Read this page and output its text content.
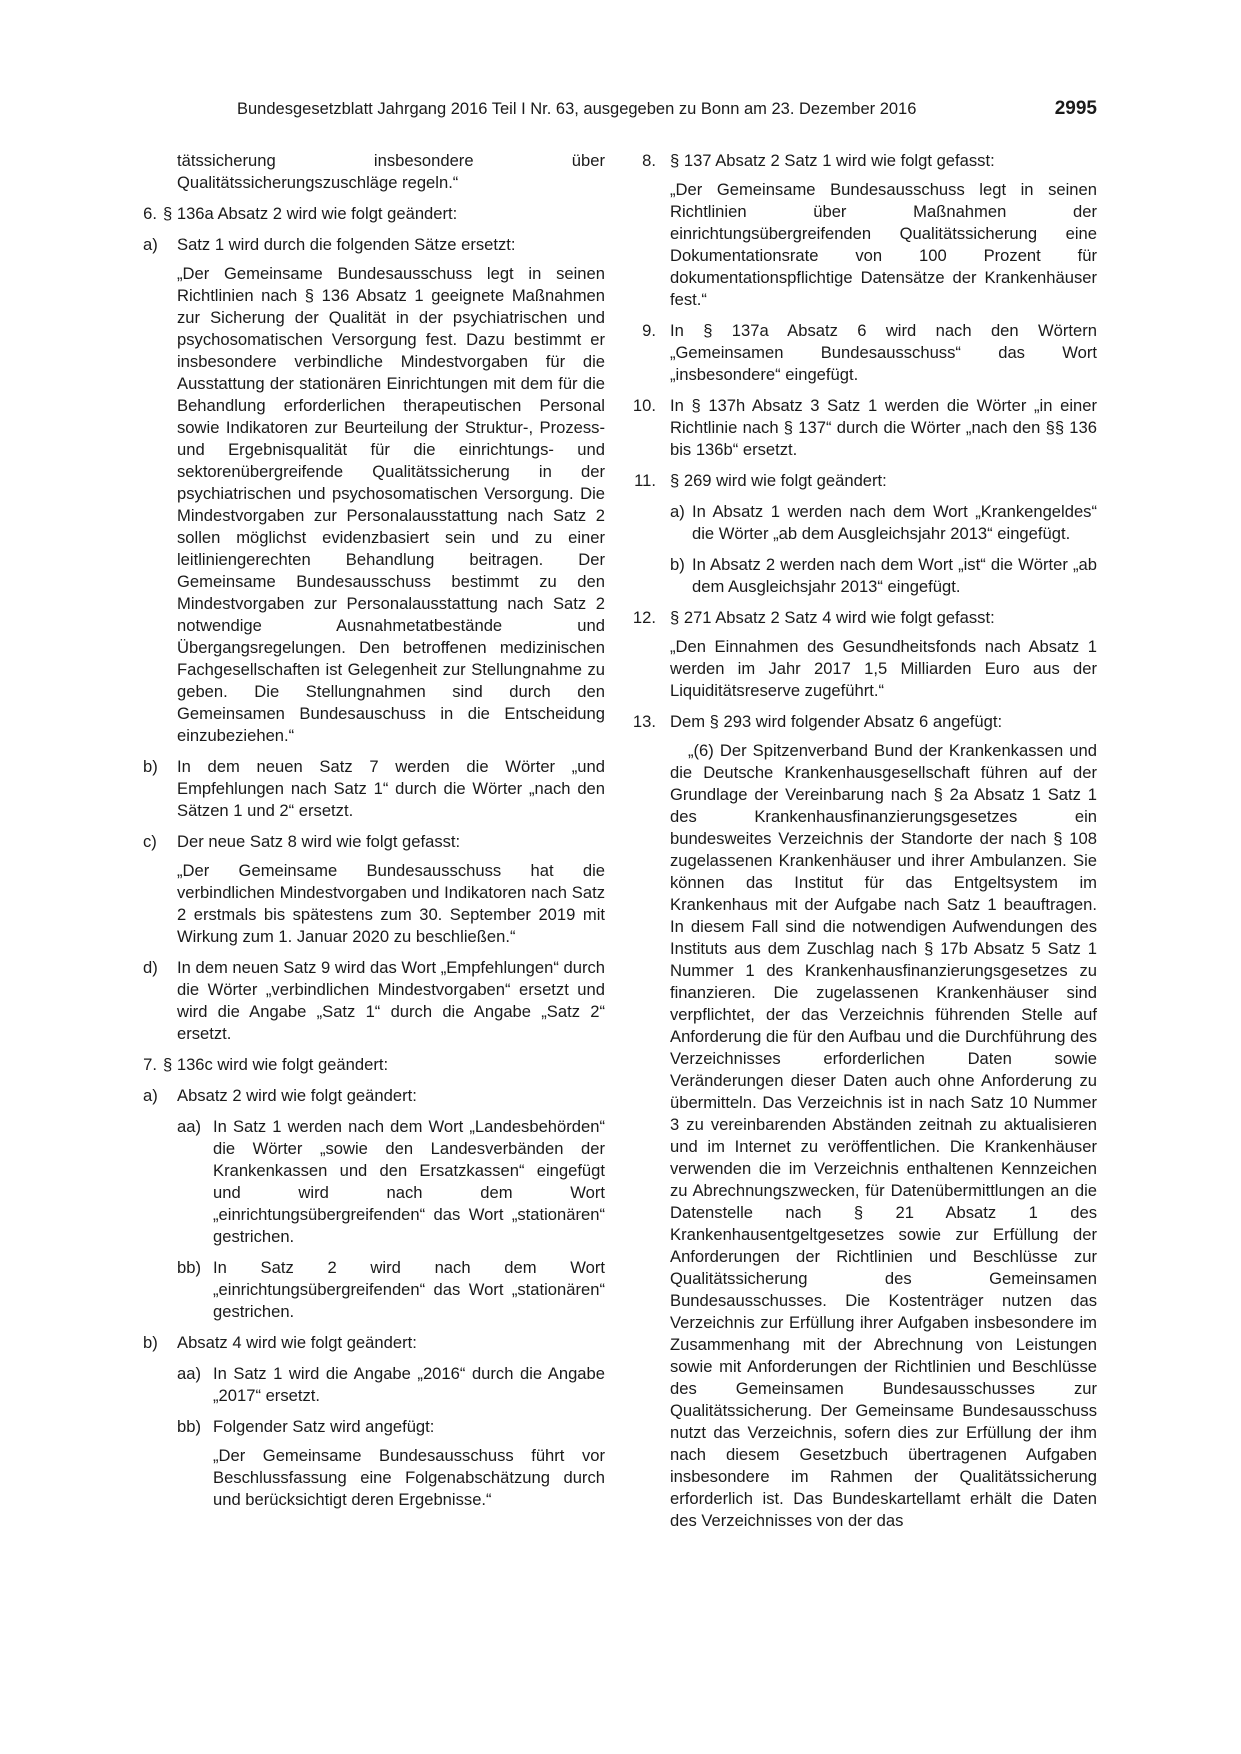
Bundesgesetzblatt Jahrgang 2016 Teil I Nr. 63, ausgegeben zu Bonn am 23. Dezember 2016	2995
tätssicherung insbesondere über Qualitätssicherungszuschläge regeln.“
6. § 136a Absatz 2 wird wie folgt geändert:
a)	Satz 1 wird durch die folgenden Sätze ersetzt:
„Der Gemeinsame Bundesausschuss legt in seinen Richtlinien nach § 136 Absatz 1 geeignete Maßnahmen zur Sicherung der Qualität in der psychiatrischen und psychosomatischen Versorgung fest. Dazu bestimmt er insbesondere verbindliche Mindestvorgaben für die Ausstattung der stationären Einrichtungen mit dem für die Behandlung erforderlichen therapeutischen Personal sowie Indikatoren zur Beurteilung der Struktur-, Prozess- und Ergebnisqualität für die einrichtungs- und sektorenübergreifende Qualitätssicherung in der psychiatrischen und psychosomatischen Versorgung. Die Mindestvorgaben zur Personalausstattung nach Satz 2 sollen möglichst evidenzbasiert sein und zu einer leitliniengerechten Behandlung beitragen. Der Gemeinsame Bundesausschuss bestimmt zu den Mindestvorgaben zur Personalausstattung nach Satz 2 notwendige Ausnahmetatbestände und Übergangsregelungen. Den betroffenen medizinischen Fachgesellschaften ist Gelegenheit zur Stellungnahme zu geben. Die Stellungnahmen sind durch den Gemeinsamen Bundesauschuss in die Entscheidung einzubeziehen.“
b)	In dem neuen Satz 7 werden die Wörter „und Empfehlungen nach Satz 1“ durch die Wörter „nach den Sätzen 1 und 2“ ersetzt.
c)	Der neue Satz 8 wird wie folgt gefasst:
„Der Gemeinsame Bundesausschuss hat die verbindlichen Mindestvorgaben und Indikatoren nach Satz 2 erstmals bis spätestens zum 30. September 2019 mit Wirkung zum 1. Januar 2020 zu beschließen.“
d)	In dem neuen Satz 9 wird das Wort „Empfehlungen“ durch die Wörter „verbindlichen Mindestvorgaben“ ersetzt und wird die Angabe „Satz 1“ durch die Angabe „Satz 2“ ersetzt.
7. § 136c wird wie folgt geändert:
a)	Absatz 2 wird wie folgt geändert:
aa) In Satz 1 werden nach dem Wort „Landesbehörden“ die Wörter „sowie den Landesverbänden der Krankenkassen und den Ersatzkassen“ eingefügt und wird nach dem Wort „einrichtungsübergreifenden“ das Wort „stationären“ gestrichen.
bb) In Satz 2 wird nach dem Wort „einrichtungsübergreifenden“ das Wort „stationären“ gestrichen.
b)	Absatz 4 wird wie folgt geändert:
aa) In Satz 1 wird die Angabe „2016“ durch die Angabe „2017“ ersetzt.
bb) Folgender Satz wird angefügt:
„Der Gemeinsame Bundesausschuss führt vor Beschlussfassung eine Folgenabschätzung durch und berücksichtigt deren Ergebnisse.“
8. § 137 Absatz 2 Satz 1 wird wie folgt gefasst:
„Der Gemeinsame Bundesausschuss legt in seinen Richtlinien über Maßnahmen der einrichtungsübergreifenden Qualitätssicherung eine Dokumentationsrate von 100 Prozent für dokumentationspflichtige Datensätze der Krankenhäuser fest.“
9. In § 137a Absatz 6 wird nach den Wörtern „Gemeinsamen Bundesausschuss“ das Wort „insbesondere“ eingefügt.
10. In § 137h Absatz 3 Satz 1 werden die Wörter „in einer Richtlinie nach § 137“ durch die Wörter „nach den §§ 136 bis 136b“ ersetzt.
11. § 269 wird wie folgt geändert:
a) In Absatz 1 werden nach dem Wort „Krankengeldes“ die Wörter „ab dem Ausgleichsjahr 2013“ eingefügt.
b) In Absatz 2 werden nach dem Wort „ist“ die Wörter „ab dem Ausgleichsjahr 2013“ eingefügt.
12. § 271 Absatz 2 Satz 4 wird wie folgt gefasst:
„Den Einnahmen des Gesundheitsfonds nach Absatz 1 werden im Jahr 2017 1,5 Milliarden Euro aus der Liquiditätsreserve zugeführt.“
13. Dem § 293 wird folgender Absatz 6 angefügt:
„(6) Der Spitzenverband Bund der Krankenkassen und die Deutsche Krankenhausgesellschaft führen auf der Grundlage der Vereinbarung nach § 2a Absatz 1 Satz 1 des Krankenhausfinanzierungsgesetzes ein bundesweites Verzeichnis der Standorte der nach § 108 zugelassenen Krankenhäuser und ihrer Ambulanzen. Sie können das Institut für das Entgeltsystem im Krankenhaus mit der Aufgabe nach Satz 1 beauftragen. In diesem Fall sind die notwendigen Aufwendungen des Instituts aus dem Zuschlag nach § 17b Absatz 5 Satz 1 Nummer 1 des Krankenhausfinanzierungsgesetzes zu finanzieren. Die zugelassenen Krankenhäuser sind verpflichtet, der das Verzeichnis führenden Stelle auf Anforderung die für den Aufbau und die Durchführung des Verzeichnisses erforderlichen Daten sowie Veränderungen dieser Daten auch ohne Anforderung zu übermitteln. Das Verzeichnis ist in nach Satz 10 Nummer 3 zu vereinbarenden Abständen zeitnah zu aktualisieren und im Internet zu veröffentlichen. Die Krankenhäuser verwenden die im Verzeichnis enthaltenen Kennzeichen zu Abrechnungszwecken, für Datenübermittlungen an die Datenstelle nach § 21 Absatz 1 des Krankenhausentgeltgesetzes sowie zur Erfüllung der Anforderungen der Richtlinien und Beschlüsse zur Qualitätssicherung des Gemeinsamen Bundesausschusses. Die Kostenträger nutzen das Verzeichnis zur Erfüllung ihrer Aufgaben insbesondere im Zusammenhang mit der Abrechnung von Leistungen sowie mit Anforderungen der Richtlinien und Beschlüsse des Gemeinsamen Bundesausschusses zur Qualitätssicherung. Der Gemeinsame Bundesausschuss nutzt das Verzeichnis, sofern dies zur Erfüllung der ihm nach diesem Gesetzbuch übertragenen Aufgaben insbesondere im Rahmen der Qualitätssicherung erforderlich ist. Das Bundeskartellamt erhält die Daten des Verzeichnisses von der das
